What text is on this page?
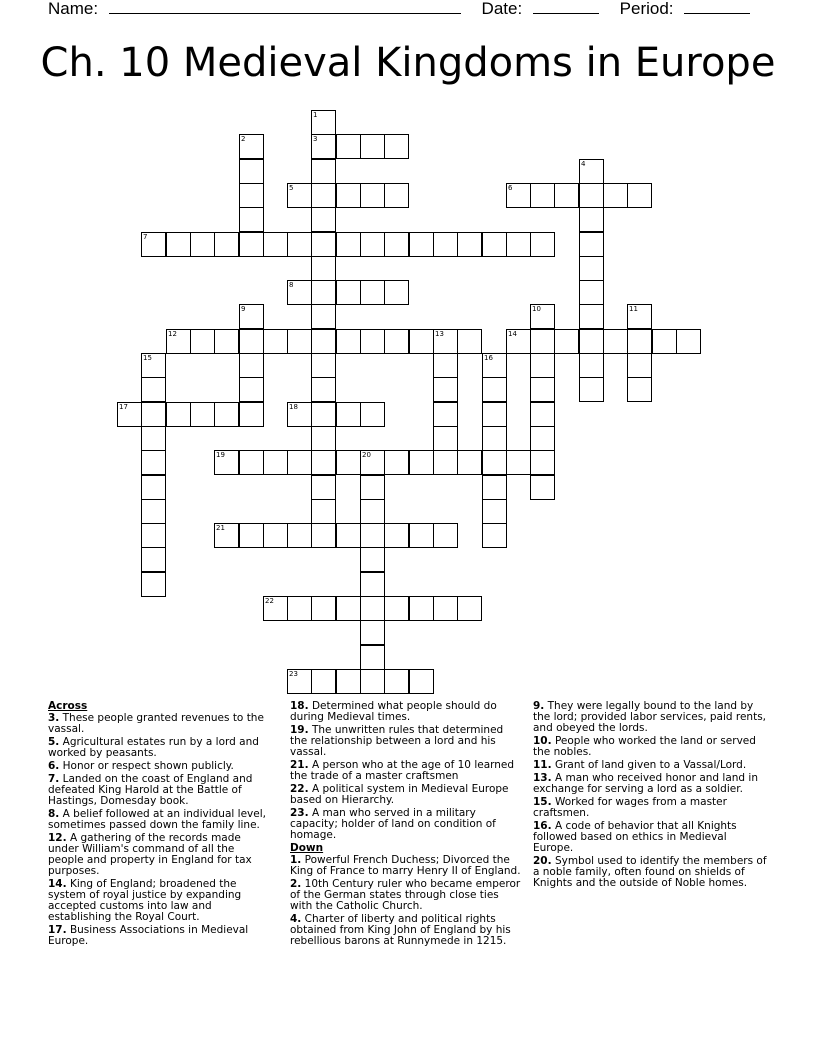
Name:	Date:	Period:
Ch. 10 Medieval Kingdoms in Europe
1
3
2
4
5	6
7
8
9	10	11
12	13	14
15	16
17	18
19	20
21
22
23
Across
3. These people granted revenues to the vassal.
5. Agricultural estates run by a lord and worked by peasants.
6. Honor or respect shown publicly.
7. Landed on the coast of England and defeated King Harold at the Battle of Hastings, Domesday book.
8. A belief followed at an individual level, sometimes passed down the family line.
12. A gathering of the records made under William's command of all the people and property in England for tax purposes.
14. King of England; broadened the system of royal justice by expanding accepted customs into law and establishing the Royal Court.
17. Business Associations in Medieval Europe.
18. Determined what people should do during Medieval times.
19. The unwritten rules that determined the relationship between a lord and his vassal.
21. A person who at the age of 10 learned the trade of a master craftsmen
22. A political system in Medieval Europe based on Hierarchy.
23. A man who served in a military capacity; holder of land on condition of homage.
Down
1. Powerful French Duchess; Divorced the King of France to marry Henry II of England.
2. 10th Century ruler who became emperor of the German states through close ties with the Catholic Church.
4. Charter of liberty and political rights obtained from King John of England by his rebellious barons at Runnymede in 1215.
9. They were legally bound to the land by the lord; provided labor services, paid rents, and obeyed the lords.
10. People who worked the land or served the nobles.
11. Grant of land given to a Vassal/Lord.
13. A man who received honor and land in exchange for serving a lord as a soldier.
15. Worked for wages from a master craftsmen.
16. A code of behavior that all Knights followed based on ethics in Medieval Europe.
20. Symbol used to identify the members of a noble family, often found on shields of Knights and the outside of Noble homes.
